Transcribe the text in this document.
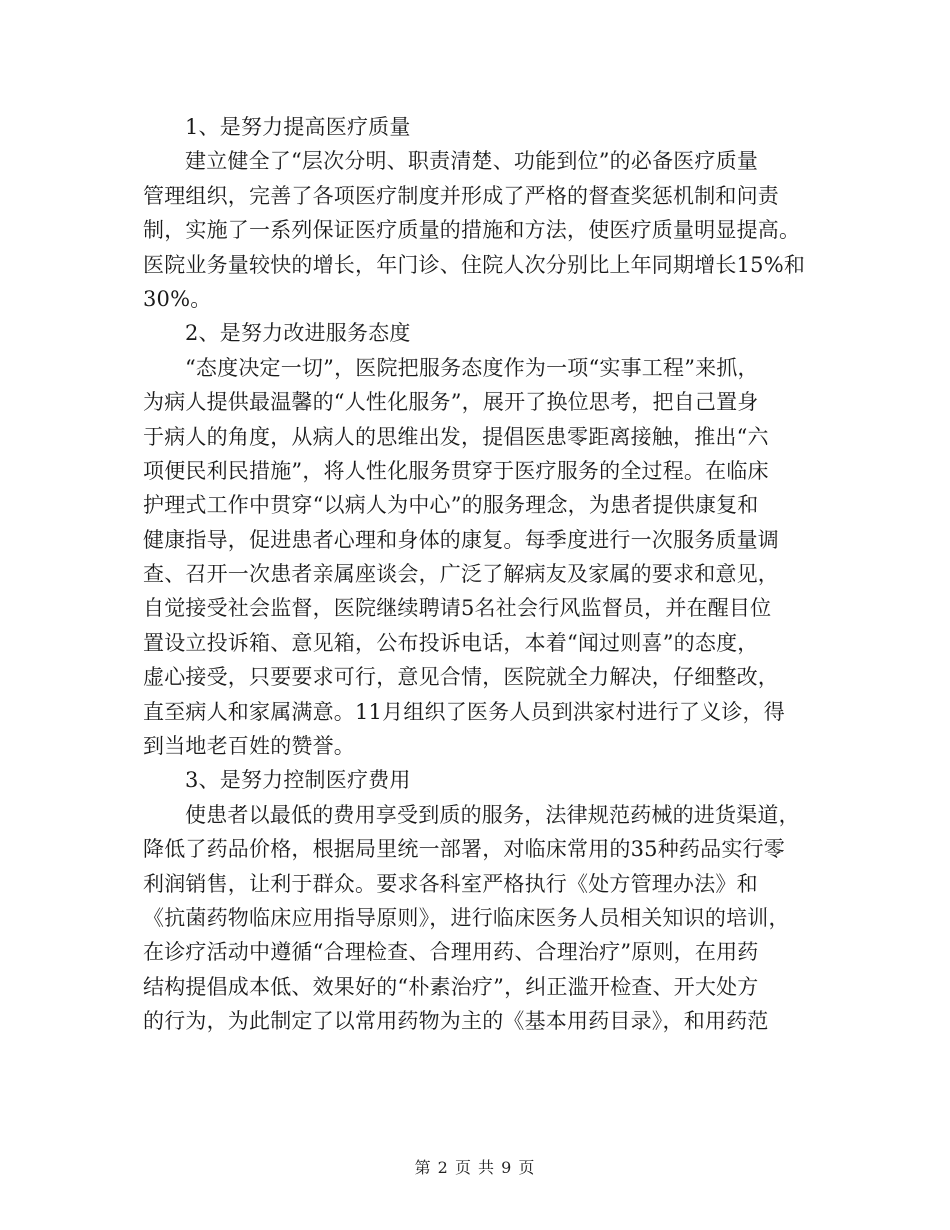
1、是努力提高医疗质量
建立健全了“层次分明、职责清楚、功能到位”的必备医疗质量
管理组织，完善了各项医疗制度并形成了严格的督查奖惩机制和问责
制，实施了一系列保证医疗质量的措施和方法，使医疗质量明显提高。
医院业务量较快的增长，年门诊、住院人次分别比上年同期增长15%和
30%。
2、是努力改进服务态度
“态度决定一切”，医院把服务态度作为一项“实事工程”来抓，
为病人提供最温馨的“人性化服务”，展开了换位思考，把自己置身
于病人的角度，从病人的思维出发，提倡医患零距离接触，推出“六
项便民利民措施”，将人性化服务贯穿于医疗服务的全过程。在临床
护理式工作中贯穿“以病人为中心”的服务理念，为患者提供康复和
健康指导，促进患者心理和身体的康复。每季度进行一次服务质量调
查、召开一次患者亲属座谈会，广泛了解病友及家属的要求和意见，
自觉接受社会监督，医院继续聘请5名社会行风监督员，并在醒目位
置设立投诉箱、意见箱，公布投诉电话，本着“闻过则喜”的态度，
虚心接受，只要要求可行，意见合情，医院就全力解决，仔细整改，
直至病人和家属满意。11月组织了医务人员到洪家村进行了义诊，得
到当地老百姓的赞誉。
3、是努力控制医疗费用
使患者以最低的费用享受到质的服务，法律规范药械的进货渠道，
降低了药品价格，根据局里统一部署，对临床常用的35种药品实行零
利润销售，让利于群众。要求各科室严格执行《处方管理办法》和
《抗菌药物临床应用指导原则》，进行临床医务人员相关知识的培训，
在诊疗活动中遵循“合理检查、合理用药、合理治疗”原则，在用药
结构提倡成本低、效果好的“朴素治疗”，纠正滥开检查、开大处方
的行为，为此制定了以常用药物为主的《基本用药目录》，和用药范
第 2 页 共 9 页
